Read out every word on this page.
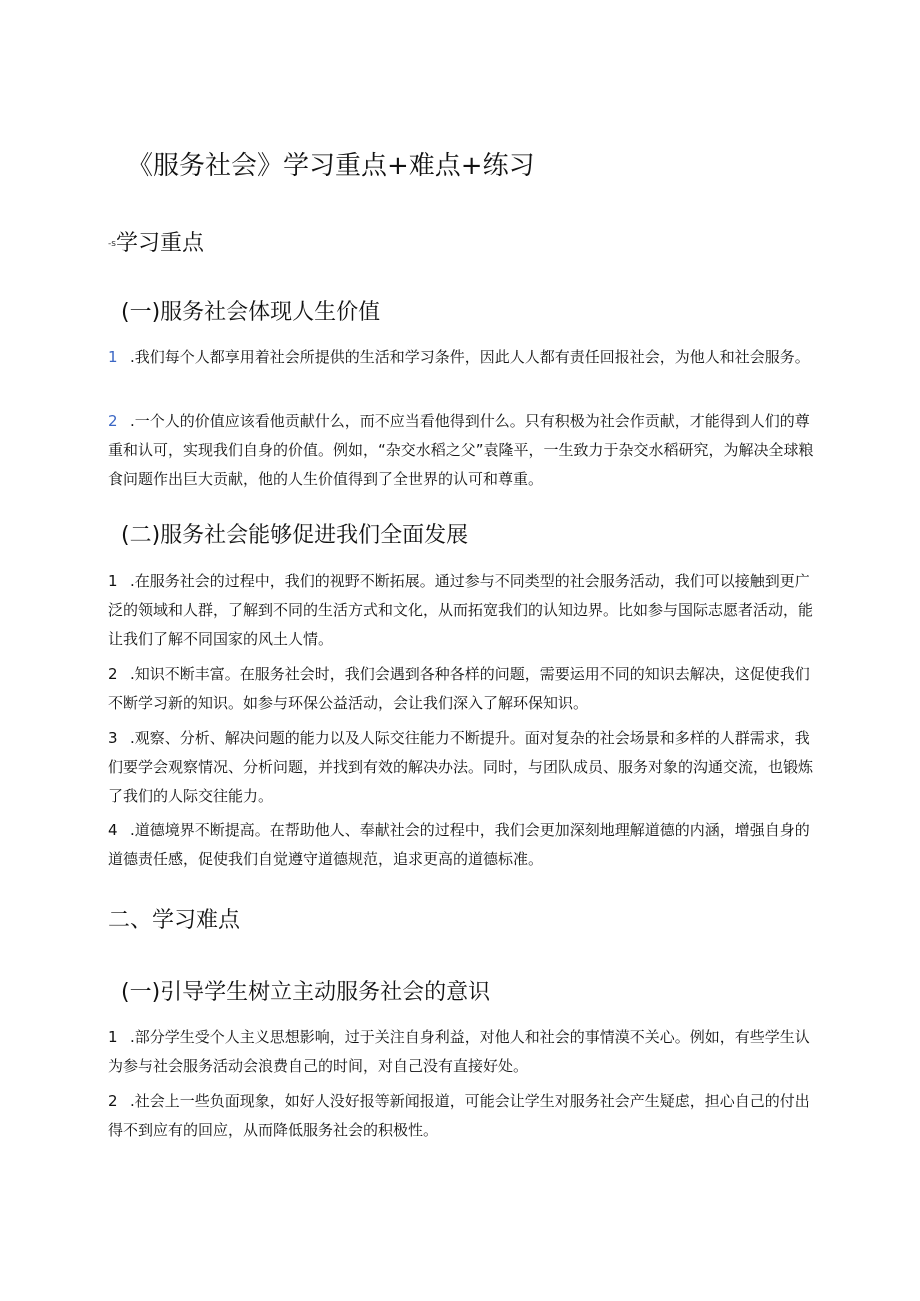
《服务社会》学习重点+难点+练习
-s学习重点
(一)服务社会体现人生价值
1 .我们每个人都享用着社会所提供的生活和学习条件，因此人人都有责任回报社会，为他人和社会服务。

2 .一个人的价值应该看他贡献什么，而不应当看他得到什么。只有积极为社会作贡献，才能得到人们的尊重和认可，实现我们自身的价值。例如，“杂交水稻之父”袁隆平，一生致力于杂交水稻研究，为解决全球粮食问题作出巨大贡献，他的人生价值得到了全世界的认可和尊重。

(二)服务社会能够促进我们全面发展
1 .在服务社会的过程中，我们的视野不断拓展。通过参与不同类型的社会服务活动，我们可以接触到更广泛的领域和人群，了解到不同的生活方式和文化，从而拓宽我们的认知边界。比如参与国际志愿者活动，能让我们了解不同国家的风土人情。

2 .知识不断丰富。在服务社会时，我们会遇到各种各样的问题，需要运用不同的知识去解决，这促使我们不断学习新的知识。如参与环保公益活动，会让我们深入了解环保知识。

3 .观察、分析、解决问题的能力以及人际交往能力不断提升。面对复杂的社会场景和多样的人群需求，我们要学会观察情况、分析问题，并找到有效的解决办法。同时，与团队成员、服务对象的沟通交流，也锻炼了我们的人际交往能力。

4 .道德境界不断提高。在帮助他人、奉献社会的过程中，我们会更加深刻地理解道德的内涵，增强自身的道德责任感，促使我们自觉遵守道德规范，追求更高的道德标准。

二、学习难点
(一)引导学生树立主动服务社会的意识
1 .部分学生受个人主义思想影响，过于关注自身利益，对他人和社会的事情漠不关心。例如，有些学生认为参与社会服务活动会浪费自己的时间，对自己没有直接好处。

2 .社会上一些负面现象，如好人没好报等新闻报道，可能会让学生对服务社会产生疑虑，担心自己的付出得不到应有的回应，从而降低服务社会的积极性。
